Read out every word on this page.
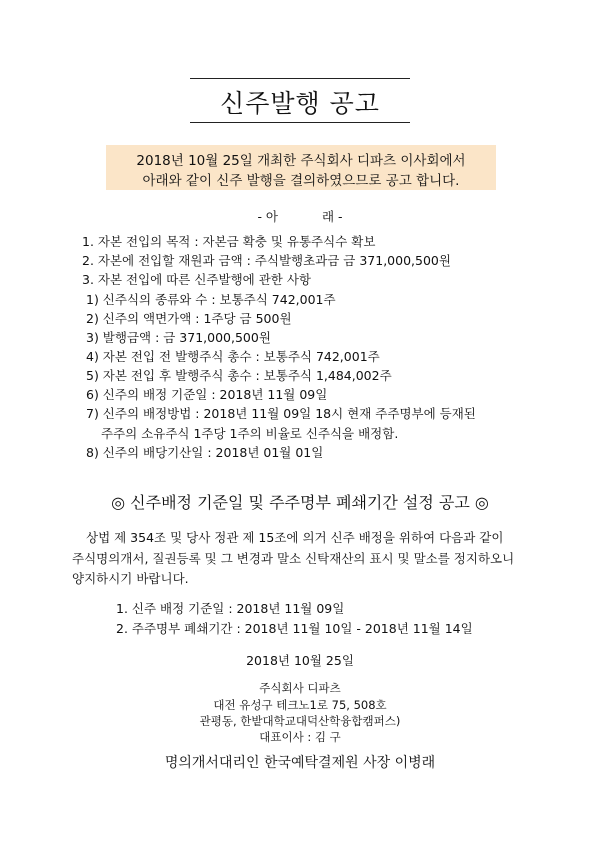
신주발행 공고
2018년 10월 25일 개최한 주식회사 디파츠 이사회에서
아래와 같이 신주 발행을 결의하였으므로 공고 합니다.
- 아	래 -
1. 자본 전입의 목적 : 자본금 확충 및 유통주식수 확보
2. 자본에 전입할 재원과 금액 : 주식발행초과금 금 371,000,500원
3. 자본 전입에 따른 신주발행에 관한 사항
1) 신주식의 종류와 수 : 보통주식 742,001주
2) 신주의 액면가액 : 1주당 금 500원
3) 발행금액 : 금 371,000,500원
4) 자본 전입 전 발행주식 총수 : 보통주식 742,001주
5) 자본 전입 후 발행주식 총수 : 보통주식 1,484,002주
6) 신주의 배정 기준일 : 2018년 11월 09일
7) 신주의 배정방법 : 2018년 11월 09일 18시 현재 주주명부에 등재된
주주의 소유주식 1주당 1주의 비율로 신주식을 배정함.
8) 신주의 배당기산일 : 2018년 01월 01일
◎ 신주배정 기준일 및 주주명부 폐쇄기간 설정 공고 ◎
상법 제 354조 및 당사 정관 제 15조에 의거 신주 배정을 위하여 다음과 같이
주식명의개서, 질권등록 및 그 변경과 말소 신탁재산의 표시 및 말소를 정지하오니
양지하시기 바랍니다.
1. 신주 배정 기준일 : 2018년 11월 09일
2. 주주명부 폐쇄기간 : 2018년 11월 10일 - 2018년 11월 14일
2018년 10월 25일
주식회사 디파츠
대전 유성구 테크노1로 75, 508호
관평동, 한밭대학교대덕산학융합캠퍼스)
대표이사 : 김 구
명의개서대리인 한국예탁결제원 사장 이병래
